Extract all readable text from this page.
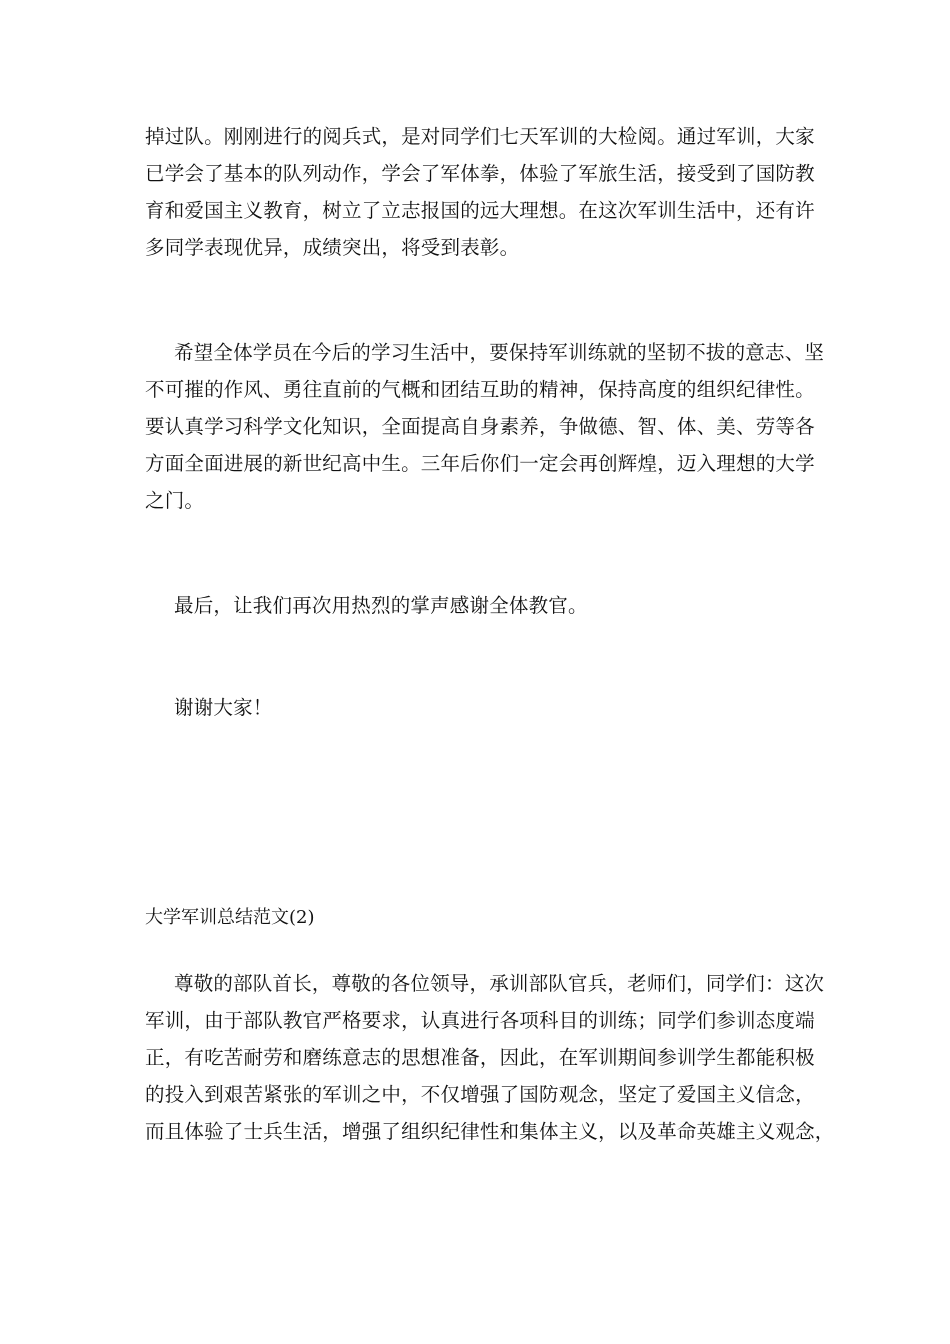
掉过队。刚刚进行的阅兵式，是对同学们七天军训的大检阅。通过军训，大家
已学会了基本的队列动作，学会了军体拳，体验了军旅生活，接受到了国防教
育和爱国主义教育，树立了立志报国的远大理想。在这次军训生活中，还有许
多同学表现优异，成绩突出，将受到表彰。
希望全体学员在今后的学习生活中，要保持军训练就的坚韧不拔的意志、坚
不可摧的作风、勇往直前的气概和团结互助的精神，保持高度的组织纪律性。
要认真学习科学文化知识，全面提高自身素养，争做德、智、体、美、劳等各
方面全面进展的新世纪高中生。三年后你们一定会再创辉煌，迈入理想的大学
之门。
最后，让我们再次用热烈的掌声感谢全体教官。
谢谢大家！
大学军训总结范文(2)
尊敬的部队首长，尊敬的各位领导，承训部队官兵，老师们，同学们：这次
军训，由于部队教官严格要求，认真进行各项科目的训练；同学们参训态度端
正，有吃苦耐劳和磨练意志的思想准备，因此，在军训期间参训学生都能积极
的投入到艰苦紧张的军训之中，不仅增强了国防观念，坚定了爱国主义信念，
而且体验了士兵生活，增强了组织纪律性和集体主义，以及革命英雄主义观念，
